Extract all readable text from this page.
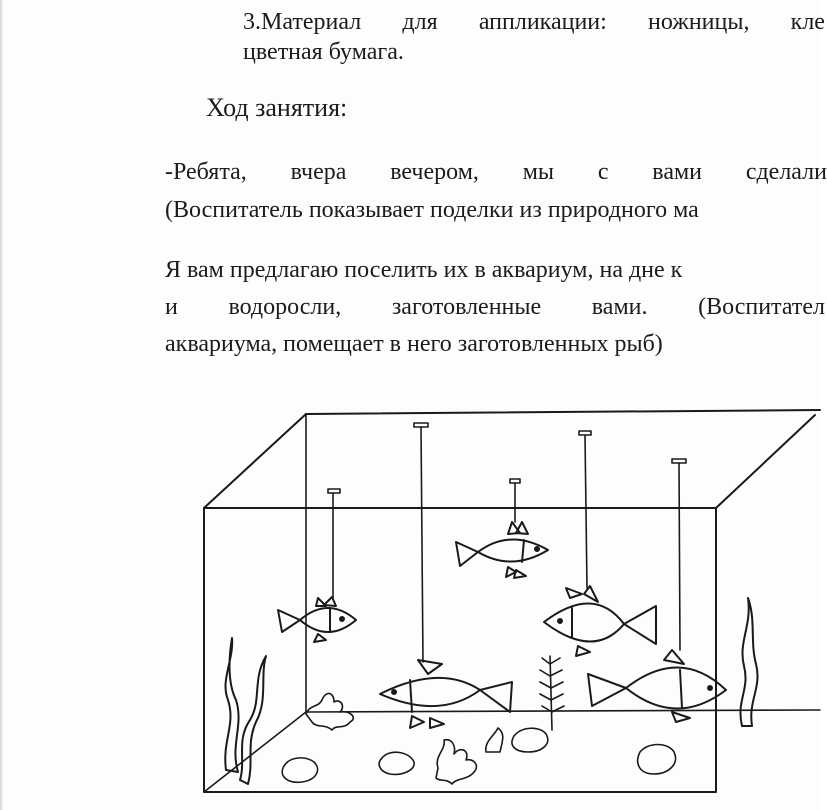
3.Материал для аппликации: ножницы, кле
цветная бумага.
Ход занятия:
-Ребята, вчера вечером, мы с вами сделали
(Воспитатель показывает поделки из природного ма
Я вам предлагаю поселить их в аквариум, на дне к
и водоросли, заготовленные вами. (Воспитател
аквариума, помещает в него заготовленных рыб)
